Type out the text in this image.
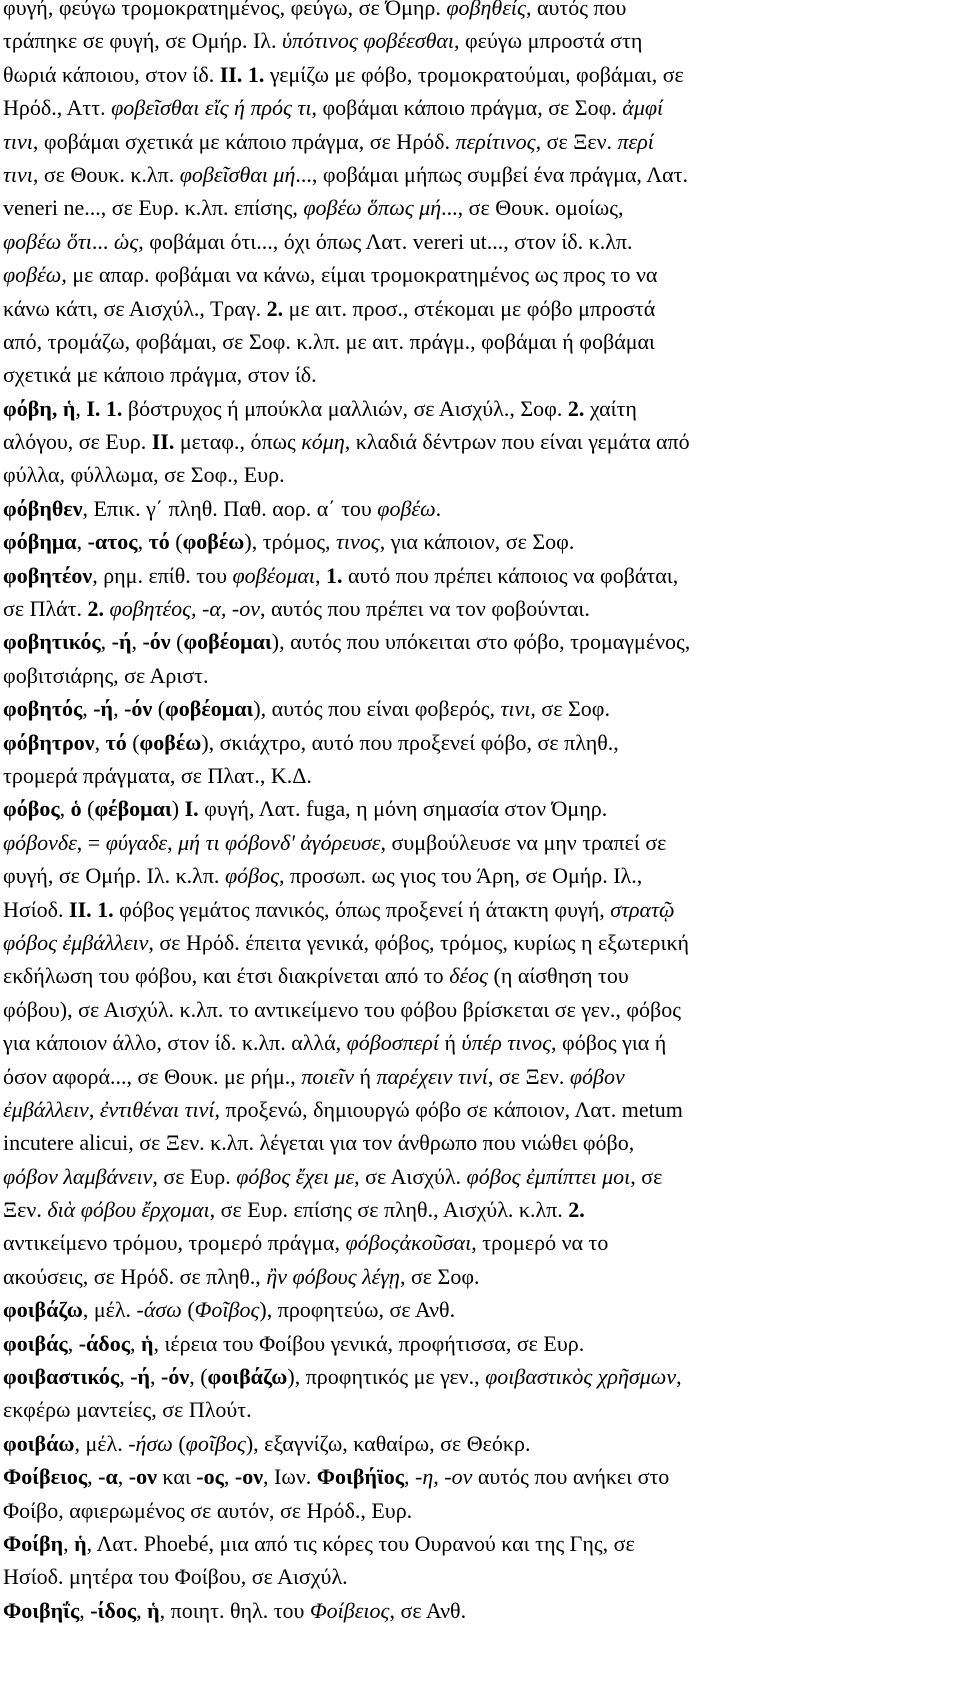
φυγή, φεύγω τρομοκρατημένος, φεύγω, σε Όμηρ. φοβηθείς, αυτός που
τράπηκε σε φυγή, σε Ομήρ. Ιλ. ὑπότινος φοβέεσθαι, φεύγω μπροστά στη
θωριά κάποιου, στον ίδ. II. 1. γεμίζω με φόβο, τρομοκρατούμαι, φοβάμαι, σε
Ηρόδ., Αττ. φοβεῖσθαι εἴς ή πρός τι, φοβάμαι κάποιο πράγμα, σε Σοφ. ἀμφί
τινι, φοβάμαι σχετικά με κάποιο πράγμα, σε Ηρόδ. περίτινος, σε Ξεν. περί
τινι, σε Θουκ. κ.λπ. φοβεῖσθαι μή..., φοβάμαι μήπως συμβεί ένα πράγμα, Λατ.
veneri ne..., σε Ευρ. κ.λπ. επίσης, φοβέω ὅπως μή..., σε Θουκ. ομοίως,
φοβέω ὅτι... ὡς, φοβάμαι ότι..., όχι όπως Λατ. vereri ut..., στον ίδ. κ.λπ.
φοβέω, με απαρ. φοβάμαι να κάνω, είμαι τρομοκρατημένος ως προς το να
κάνω κάτι, σε Αισχύλ., Τραγ. 2. με αιτ. προσ., στέκομαι με φόβο μπροστά
από, τρομάζω, φοβάμαι, σε Σοφ. κ.λπ. με αιτ. πράγμ., φοβάμαι ή φοβάμαι
σχετικά με κάποιο πράγμα, στον ίδ.
φόβη, ἡ, I. 1. βόστρυχος ή μπούκλα μαλλιών, σε Αισχύλ., Σοφ. 2. χαίτη
αλόγου, σε Ευρ. II. μεταφ., όπως κόμη, κλαδιά δέντρων που είναι γεμάτα από
φύλλα, φύλλωμα, σε Σοφ., Ευρ.
φόβηθεν, Επικ. γ΄ πληθ. Παθ. αορ. α΄ του φοβέω.
φόβημα, -ατος, τό (φοβέω), τρόμος, τινος, για κάποιον, σε Σοφ.
φοβητέον, ρημ. επίθ. του φοβέομαι, 1. αυτό που πρέπει κάποιος να φοβάται,
σε Πλάτ. 2. φοβητέος, -α, -ον, αυτός που πρέπει να τον φοβούνται.
φοβητικός, -ή, -όν (φοβέομαι), αυτός που υπόκειται στο φόβο, τρομαγμένος,
φοβιτσιάρης, σε Αριστ.
φοβητός, -ή, -όν (φοβέομαι), αυτός που είναι φοβερός, τινι, σε Σοφ.
φόβητρον, τό (φοβέω), σκιάχτρο, αυτό που προξενεί φόβο, σε πληθ.,
τρομερά πράγματα, σε Πλατ., Κ.Δ.
φόβος, ὁ (φέβομαι) I. φυγή, Λατ. fuga, η μόνη σημασία στον Όμηρ.
φόβονδε, = φύγαδε, μή τι φόβονδ' ἀγόρευσε, συμβούλευσε να μην τραπεί σε
φυγή, σε Ομήρ. Ιλ. κ.λπ. φόβος, προσωπ. ως γιος του Άρη, σε Ομήρ. Ιλ.,
Ησίοδ. II. 1. φόβος γεμάτος πανικός, όπως προξενεί ή άτακτη φυγή, στρατῷ
φόβος ἐμβάλλειν, σε Ηρόδ. έπειτα γενικά, φόβος, τρόμος, κυρίως η εξωτερική
εκδήλωση του φόβου, και έτσι διακρίνεται από το δέος (η αίσθηση του
φόβου), σε Αισχύλ. κ.λπ. το αντικείμενο του φόβου βρίσκεται σε γεν., φόβος
για κάποιον άλλο, στον ίδ. κ.λπ. αλλά, φόβοσπερί ή ὑπέρ τινος, φόβος για ή
όσον αφορά..., σε Θουκ. με ρήμ., ποιεῖν ή παρέχειν τινί, σε Ξεν. φόβον
ἐμβάλλειν, ἐντιθέναι τινί, προξενώ, δημιουργώ φόβο σε κάποιον, Λατ. metum
incutere alicui, σε Ξεν. κ.λπ. λέγεται για τον άνθρωπο που νιώθει φόβο,
φόβον λαμβάνειν, σε Ευρ. φόβος ἔχει με, σε Αισχύλ. φόβος ἐμπίπτει μοι, σε
Ξεν. διὰ φόβου ἔρχομαι, σε Ευρ. επίσης σε πληθ., Αισχύλ. κ.λπ. 2.
αντικείμενο τρόμου, τρομερό πράγμα, φόβοςἀκοῦσαι, τρομερό να το
ακούσεις, σε Ηρόδ. σε πληθ., ἢν φόβους λέγῃ, σε Σοφ.
φοιβάζω, μέλ. -άσω (Φοῖβος), προφητεύω, σε Ανθ.
φοιβάς, -άδος, ἡ, ιέρεια του Φοίβου γενικά, προφήτισσα, σε Ευρ.
φοιβαστικός, -ή, -όν, (φοιβάζω), προφητικός με γεν., φοιβαστικὸς χρῆσμων,
εκφέρω μαντείες, σε Πλούτ.
φοιβάω, μέλ. -ήσω (φοῖβος), εξαγνίζω, καθαίρω, σε Θεόκρ.
Φοίβειος, -α, -ον και -ος, -ον, Ιων. Φοιβήϊος, -η, -ον αυτός που ανήκει στο
Φοίβο, αφιερωμένος σε αυτόν, σε Ηρόδ., Ευρ.
Φοίβη, ἡ, Λατ. Phoebé, μια από τις κόρες του Ουρανού και της Γης, σε
Ησίοδ. μητέρα του Φοίβου, σε Αισχύλ.
Φοιβηΐς, -ίδος, ἡ, ποιητ. θηλ. του Φοίβειος, σε Ανθ.
